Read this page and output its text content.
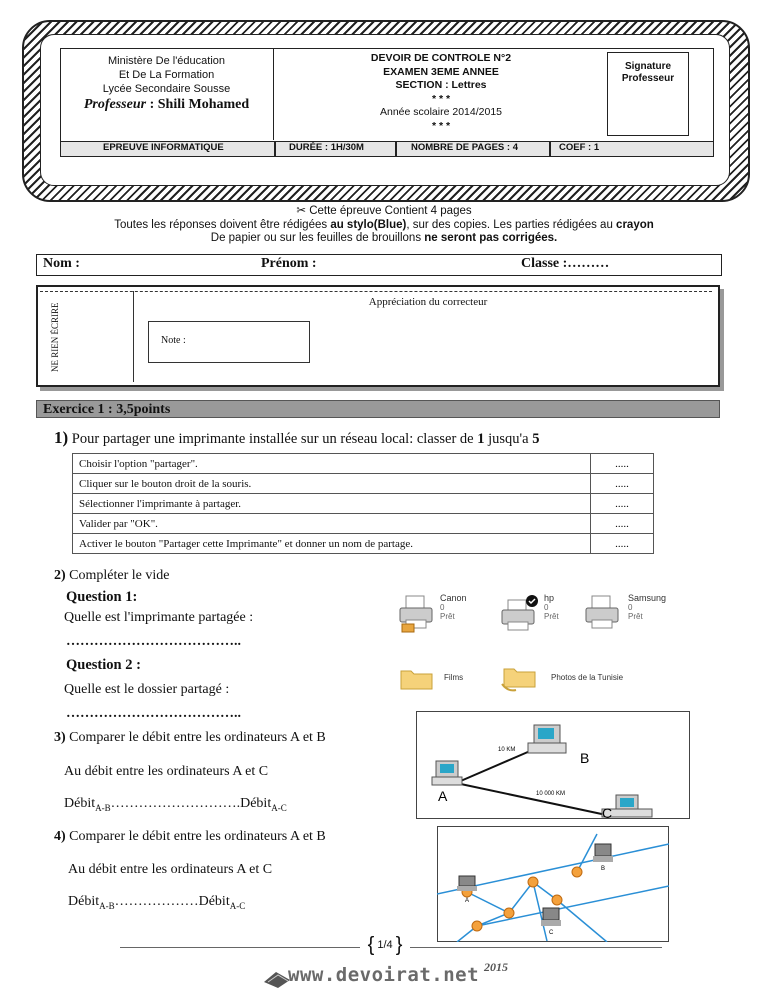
Ministère De l'éducation
Et De La Formation
Lycée Secondaire Sousse
Professeur : Shili Mohamed
DEVOIR DE CONTROLE N°2
EXAMEN 3EME ANNEE
SECTION : Lettres
* * *
Année scolaire 2014/2015
* * *
Signature Professeur
EPREUVE INFORMATIQUE	DURÉE : 1H/30M	NOMBRE DE PAGES : 4	COEF : 1
✂ Cette épreuve Contient 4 pages
Toutes les réponses doivent être rédigées au stylo(Blue), sur des copies. Les parties rédigées au crayon
De papier ou sur les feuilles de brouillons ne seront pas corrigées.
Nom :	Prénom :	Classe :………
NE RIEN ÉCRIRE
Appréciation du correcteur
Note :
Exercice 1 : 3,5points
1) Pour partager une imprimante installée sur un réseau local: classer de 1 jusqu'a 5
Choisir l'option "partager".	.....
Cliquer sur le bouton droit de la souris.	.....
Sélectionner l'imprimante à partager.	.....
Valider par "OK".	.....
Activer le bouton "Partager cette Imprimante" et donner un nom de partage.	.....
2) Compléter le vide
Question 1:
Quelle est l'imprimante partagée :
………………………………..
Canon
0
Prêt
hp
0
Prêt
Samsung
0
Prêt
Question 2 :
Quelle est le dossier partagé :
………………………………..
Films	Photos de la Tunisie
3) Comparer le débit entre les ordinateurs A et B
Au débit entre les ordinateurs A et C
Débit$_{A-B}$……………………….Débit$_{A-C}$
10 KM
10 000 KM
A
B
C
4) Comparer le débit entre les ordinateurs A et B
Au débit entre les ordinateurs A et C
Débit$_{A-B}$………………Débit$_{A-C}$	A
B
C
{ 1/4 }
www.devoirat.net 2015
